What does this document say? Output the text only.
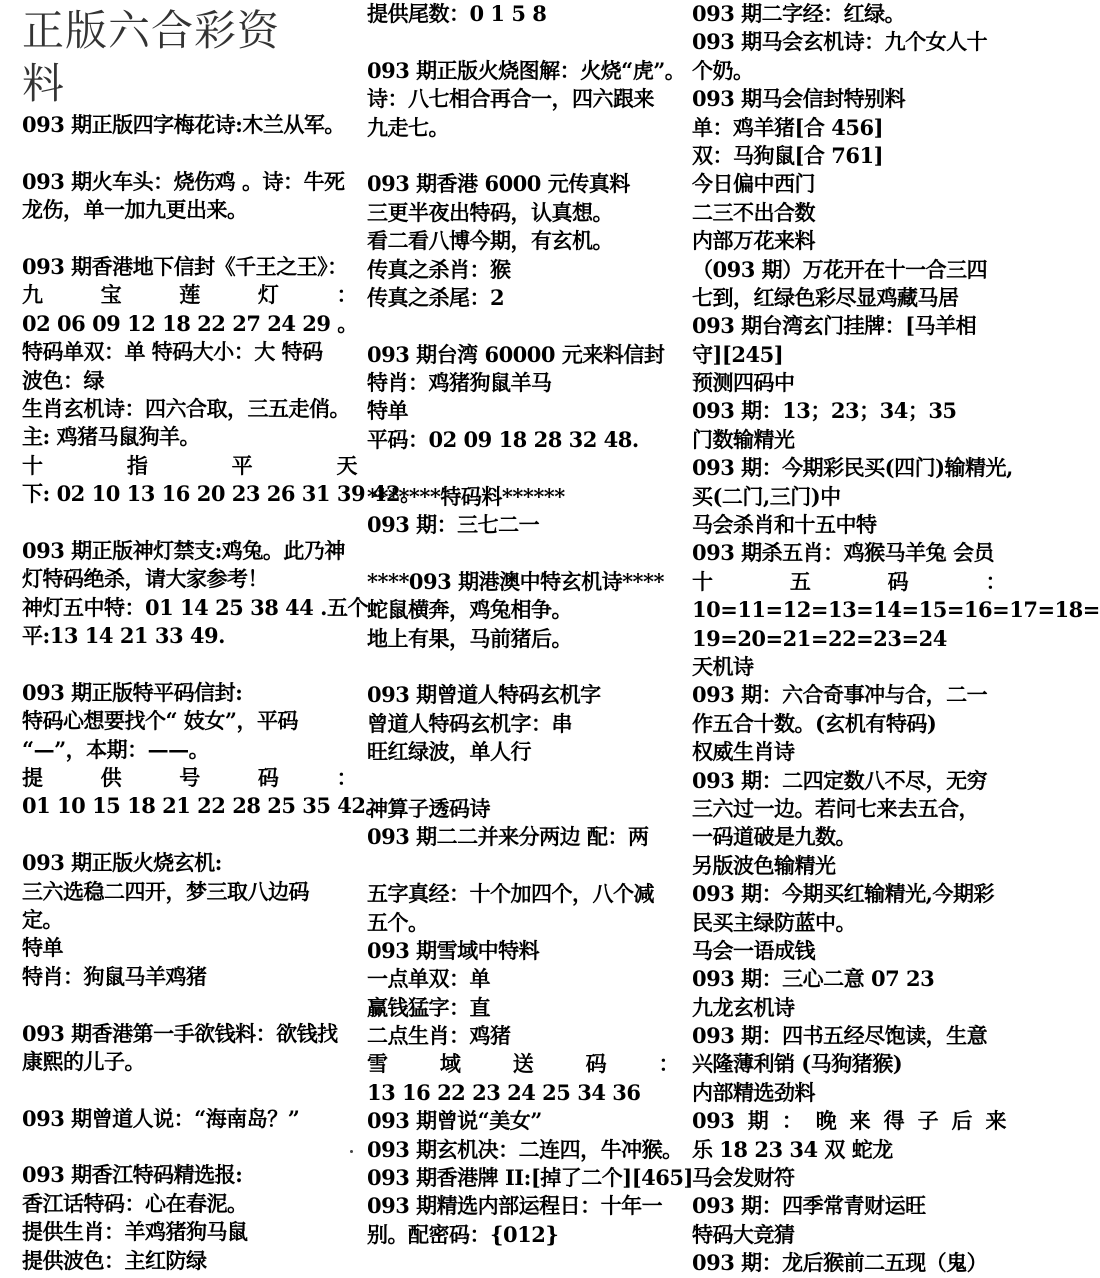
正版六合彩资
料
093 期正版四字梅花诗:木兰从军。
093 期火车头：烧伤鸡 。诗：牛死
龙伤，单一加九更出来。
093 期香港地下信封《千王之王》：
九	宝	莲	灯	：
02 06 09 12 18 22 27 24 29 。
特码单双：单 特码大小：大 特码
波色：绿
生肖玄机诗：四六合取，三五走俏。
主: 鸡猪马鼠狗羊。
十	指	平	天
下: 02 10 13 16 20 23 26 31 39 42。
093 期正版神灯禁支:鸡兔。此乃神
灯特码绝杀，请大家参考！
神灯五中特：01 14 25 38 44 .五个
平:13 14 21 33 49.
093 期正版特平码信封:
特码心想要找个“ 妓女”，平码
“—”，本期：——。
提	供	号	码	：
01 10 15 18 21 22 28 25 35 42。
093 期正版火烧玄机:
三六选稳二四开，梦三取八边码
定。
特单
特肖：狗鼠马羊鸡猪
093 期香港第一手欲钱料：欲钱找
康熙的儿子。
093 期曾道人说：“海南岛？”
093 期香江特码精选报:
香江话特码：心在春泥。
提供生肖：羊鸡猪狗马鼠
提供波色：主红防绿
提供尾数：0 1 5 8
093 期正版火烧图解：火烧“虎”。
诗：八七相合再合一，四六跟来
九走七。
093 期香港 6000 元传真料
三更半夜出特码，认真想。
看二看八博今期，有玄机。
传真之杀肖：猴
传真之杀尾：2
093 期台湾 60000 元来料信封
特肖：鸡猪狗鼠羊马
特单
平码：02 09 18 28 32 48.
*******特码料******
093 期：三七二一
****093 期港澳中特玄机诗****
蛇鼠横奔，鸡兔相争。
地上有果，马前猪后。
093 期曾道人特码玄机字
曾道人特码玄机字：串
旺红绿波，单人行
神算子透码诗
093 期二二并来分两边 配：两
五字真经：十个加四个，八个减
五个。
093 期雪域中特料
一点单双：单
赢钱猛字：直
二点生肖：鸡猪
雪 域 送 码 ：
13 16 22 23 24 25 34 36
093 期曾说“美女”
093 期玄机决：二连四，牛冲猴。
093 期香港牌 II:[掉了二个][465]
093 期精选内部运程日：十年一
别。配密码：{012}
093 期二字经：红绿。
093 期马会玄机诗：九个女人十
个奶。
093 期马会信封特别料
单：鸡羊猪[合 456]
双：马狗鼠[合 761]
今日偏中西门
二三不出合数
内部万花来料
（093 期）万花开在十一合三四
七到，红绿色彩尽显鸡藏马居
093 期台湾玄门挂牌：[马羊相
守][245]
预测四码中
093 期：13；23；34；35
门数输精光
093 期：今期彩民买(四门)输精光,
买(二门,三门)中
马会杀肖和十五中特
093 期杀五肖：鸡猴马羊兔 会员
十	五	码	：
10=11=12=13=14=15=16=17=18=
19=20=21=22=23=24
天机诗
093 期：六合奇事冲与合，二一
作五合十数。(玄机有特码)
权威生肖诗
093 期：二四定数八不尽，无穷
三六过一边。若问七来去五合，
一码道破是九数。
另版波色输精光
093 期：今期买红输精光,今期彩
民买主绿防蓝中。
马会一语成钱
093 期：三心二意 07 23
九龙玄机诗
093 期：四书五经尽饱读，生意
兴隆薄利销 (马狗猪猴)
内部精选劲料
093 期 ： 晚 来 得 子 后 来
乐 18 23 34 双 蛇龙
马会发财符
093 期：四季常青财运旺
特码大竞猜
093 期：龙后猴前二五现（鬼）
